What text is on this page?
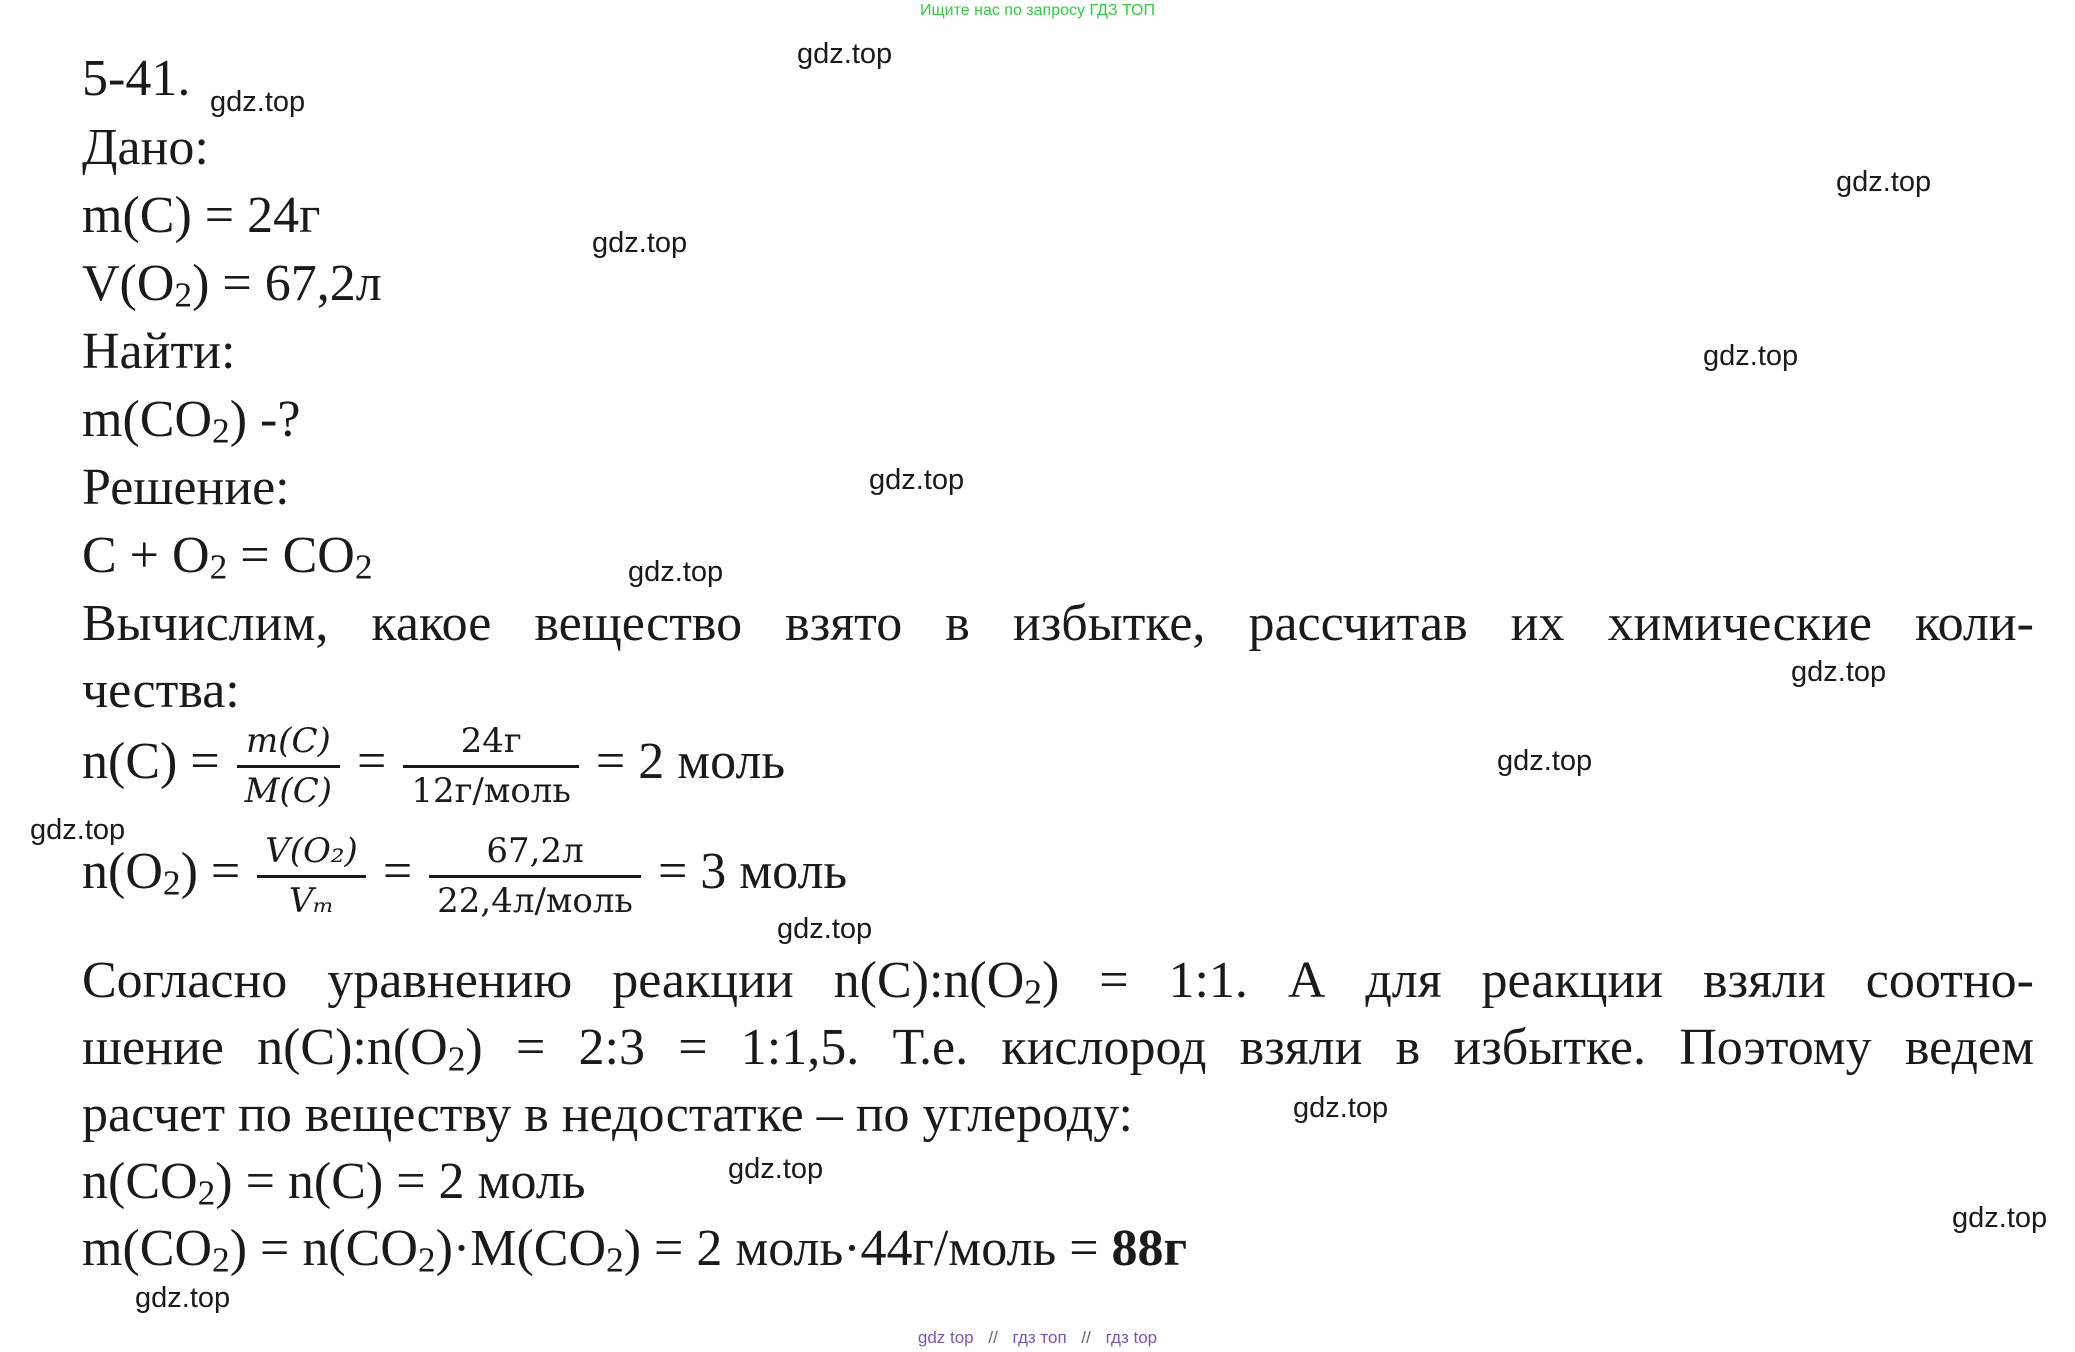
Ищите нас по запросу ГДЗ ТОП
5-41.
Дано:
m(C) = 24г
$V(O_2) = 67,2л$
Найти:
$m(CO_2)$ -?
Решение:
$C + O_2 = CO_2$
Вычислим, какое вещество взято в избытке, рассчитав их химические коли-
чества:
$n(C) = \frac{m(C)}{M(C)} = \frac{24г}{\text{12г/моль}} = 2$ моль
$n(O_2) = \frac{\text{V(O₂)}}{\text{Vₘ}} = \frac{67,2л}{\text{22,4л/моль}} = 3$ моль
Согласно уравнению реакции $n(C):n(O_2)$ = 1:1. А для реакции взяли соотно-
шение $n(C):n(O_2)$ = 2:3 = 1:1,5. Т.е. кислород взяли в избытке. Поэтому ведем
расчет по веществу в недостатке – по углероду:
$n(CO_2) = n(C) = 2$ моль
$m(CO_2) = n(CO_2)\cdot M(CO_2) = 2$ моль·44г/моль = 88г
gdz.top
gdz.top
gdz.top
gdz.top
gdz.top
gdz.top
gdz.top
gdz.top
gdz.top
gdz.top
gdz.top
gdz.top
gdz.top
gdz.top
gdz.top
gdz top // гдз топ // гдз top
